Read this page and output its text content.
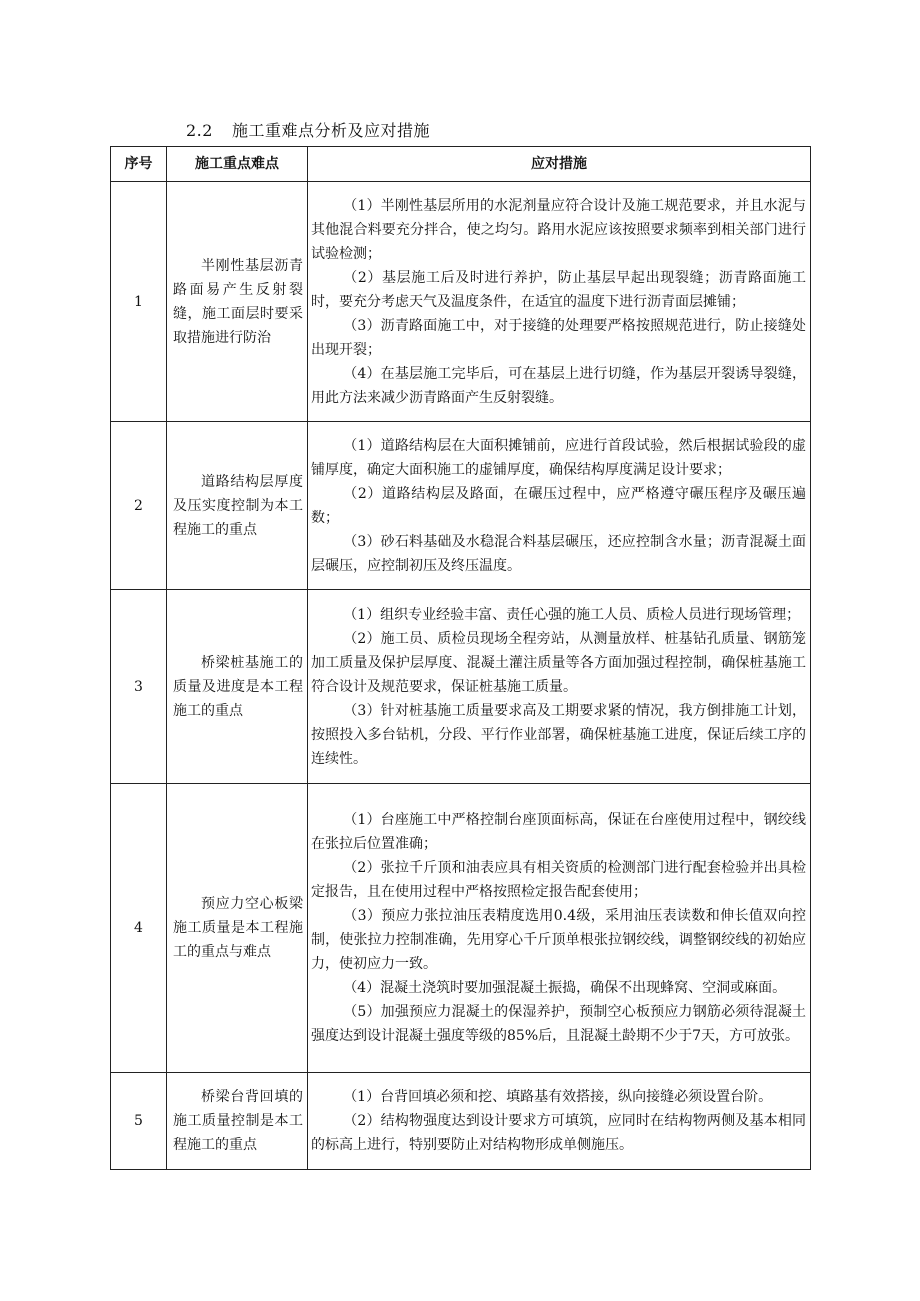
2.2 施工重难点分析及应对措施
序号	施工重点难点	应对措施
1	半刚性基层沥青路面易产生反射裂缝，施工面层时要采取措施进行防治	（1）半刚性基层所用的水泥剂量应符合设计及施工规范要求，并且水泥与其他混合料要充分拌合，使之均匀。路用水泥应该按照要求频率到相关部门进行试验检测；

（2）基层施工后及时进行养护，防止基层早起出现裂缝；沥青路面施工时，要充分考虑天气及温度条件，在适宜的温度下进行沥青面层摊铺；

（3）沥青路面施工中，对于接缝的处理要严格按照规范进行，防止接缝处出现开裂；

（4）在基层施工完毕后，可在基层上进行切缝，作为基层开裂诱导裂缝，用此方法来减少沥青路面产生反射裂缝。

2	道路结构层厚度及压实度控制为本工程施工的重点	（1）道路结构层在大面积摊铺前，应进行首段试验，然后根据试验段的虚铺厚度，确定大面积施工的虚铺厚度，确保结构厚度满足设计要求；

（2）道路结构层及路面，在碾压过程中，应严格遵守碾压程序及碾压遍数；

（3）砂石料基础及水稳混合料基层碾压，还应控制含水量；沥青混凝土面层碾压，应控制初压及终压温度。

3	桥梁桩基施工的质量及进度是本工程施工的重点	（1）组织专业经验丰富、责任心强的施工人员、质检人员进行现场管理；

（2）施工员、质检员现场全程旁站，从测量放样、桩基钻孔质量、钢筋笼加工质量及保护层厚度、混凝土灌注质量等各方面加强过程控制，确保桩基施工符合设计及规范要求，保证桩基施工质量。

（3）针对桩基施工质量要求高及工期要求紧的情况，我方倒排施工计划，按照投入多台钻机，分段、平行作业部署，确保桩基施工进度，保证后续工序的连续性。

4	预应力空心板梁施工质量是本工程施工的重点与难点	（1）台座施工中严格控制台座顶面标高，保证在台座使用过程中，钢绞线在张拉后位置准确；

（2）张拉千斤顶和油表应具有相关资质的检测部门进行配套检验并出具检定报告，且在使用过程中严格按照检定报告配套使用；

（3）预应力张拉油压表精度选用0.4级，采用油压表读数和伸长值双向控制，使张拉力控制准确，先用穿心千斤顶单根张拉钢绞线，调整钢绞线的初始应力，使初应力一致。

（4）混凝土浇筑时要加强混凝土振捣，确保不出现蜂窝、空洞或麻面。

（5）加强预应力混凝土的保湿养护，预制空心板预应力钢筋必须待混凝土强度达到设计混凝土强度等级的85%后，且混凝土龄期不少于7天，方可放张。

5	桥梁台背回填的施工质量控制是本工程施工的重点	（1）台背回填必须和挖、填路基有效搭接，纵向接缝必须设置台阶。

（2）结构物强度达到设计要求方可填筑，应同时在结构物两侧及基本相同的标高上进行，特别要防止对结构物形成单侧施压。
